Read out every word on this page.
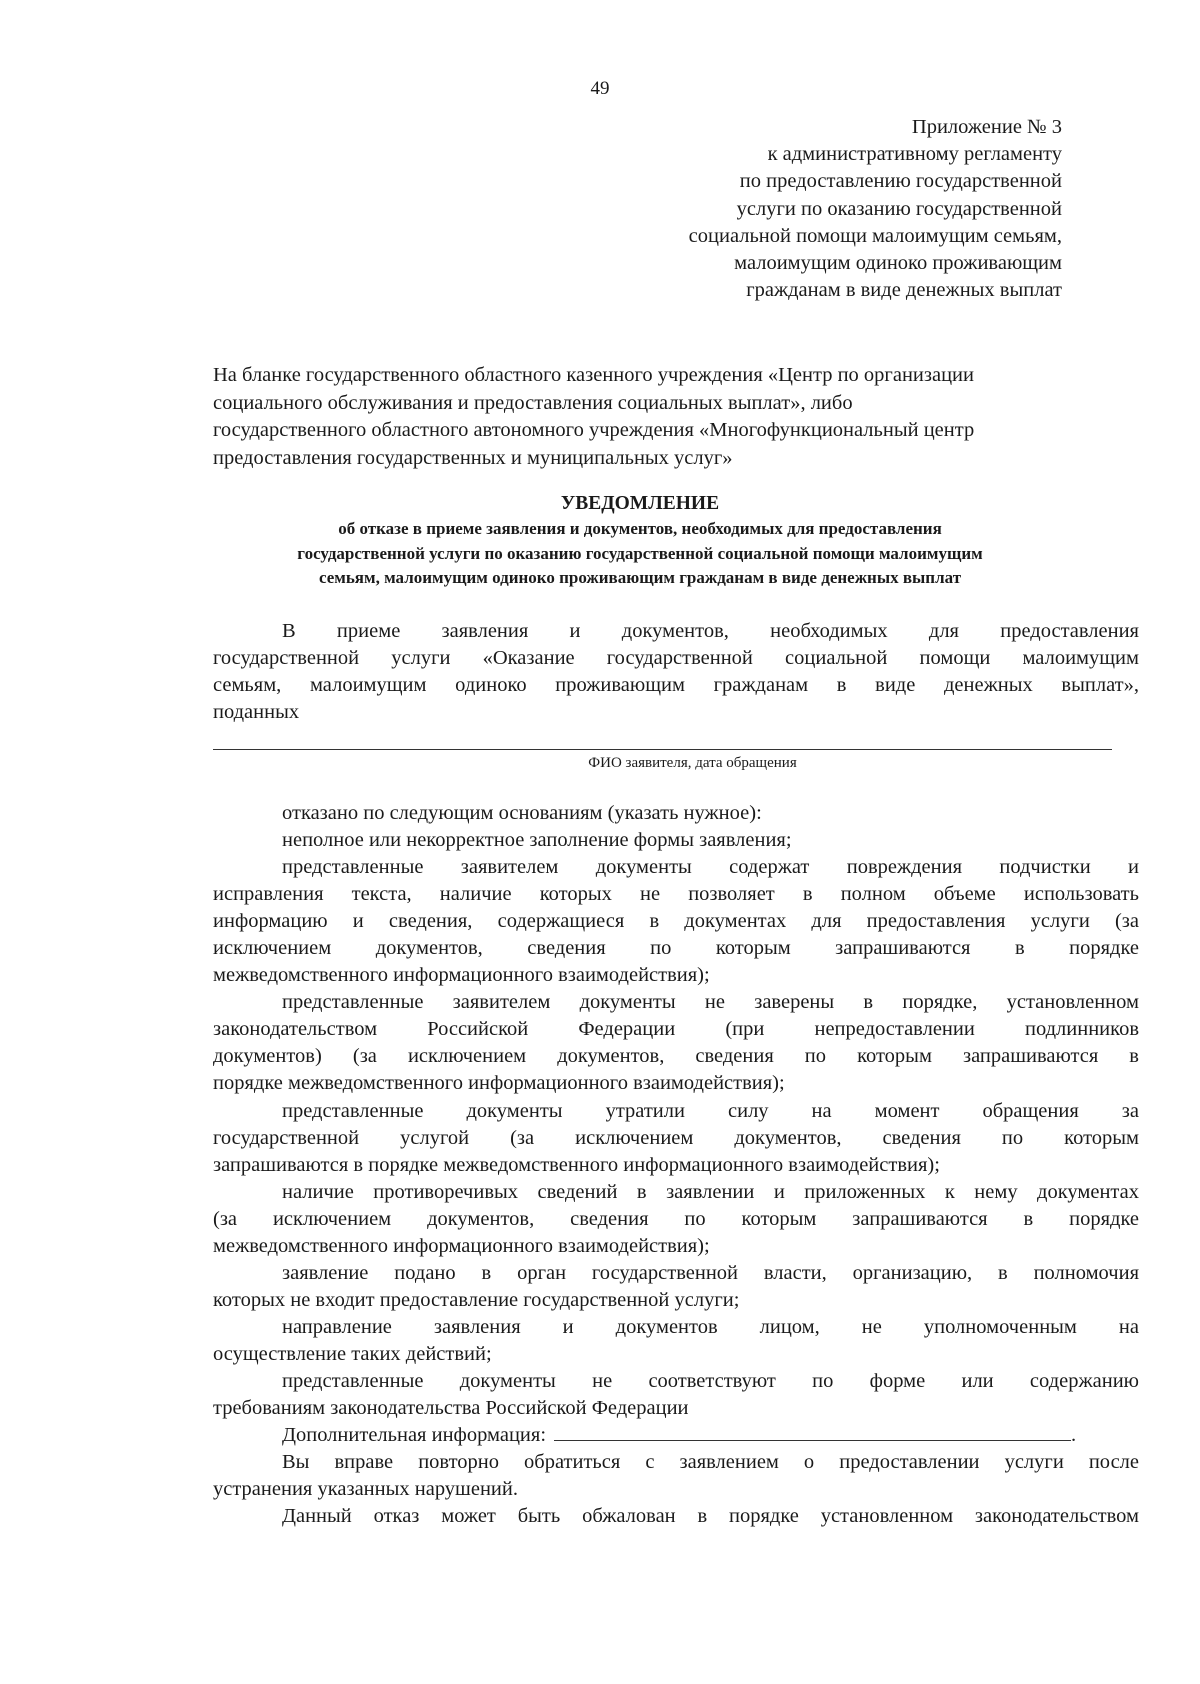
49
Приложение № 3
к административному регламенту
по предоставлению государственной
услуги по оказанию государственной
социальной помощи малоимущим семьям,
малоимущим одиноко проживающим
гражданам в виде денежных выплат
На бланке государственного областного казенного учреждения «Центр по организации
социального обслуживания и предоставления социальных выплат», либо
государственного областного автономного учреждения «Многофункциональный центр
предоставления государственных и муниципальных услуг»
УВЕДОМЛЕНИЕ
об отказе в приеме заявления и документов, необходимых для предоставления
государственной услуги по оказанию государственной социальной помощи малоимущим
семьям, малоимущим одиноко проживающим гражданам в виде денежных выплат
В приеме заявления и документов, необходимых для предоставления
государственной услуги «Оказание государственной социальной помощи малоимущим
семьям, малоимущим одиноко проживающим гражданам в виде денежных выплат»,
поданных
ФИО заявителя, дата обращения
отказано по следующим основаниям (указать нужное):
неполное или некорректное заполнение формы заявления;
представленные заявителем документы содержат повреждения подчистки и
исправления текста, наличие которых не позволяет в полном объеме использовать
информацию и сведения, содержащиеся в документах для предоставления услуги (за
исключением документов, сведения по которым запрашиваются в порядке
межведомственного информационного взаимодействия);
представленные заявителем документы не заверены в порядке, установленном
законодательством Российской Федерации (при непредоставлении подлинников
документов) (за исключением документов, сведения по которым запрашиваются в
порядке межведомственного информационного взаимодействия);
представленные документы утратили силу на момент обращения за
государственной услугой (за исключением документов, сведения по которым
запрашиваются в порядке межведомственного информационного взаимодействия);
наличие противоречивых сведений в заявлении и приложенных к нему документах
(за исключением документов, сведения по которым запрашиваются в порядке
межведомственного информационного взаимодействия);
заявление подано в орган государственной власти, организацию, в полномочия
которых не входит предоставление государственной услуги;
направление заявления и документов лицом, не уполномоченным на
осуществление таких действий;
представленные документы не соответствуют по форме или содержанию
требованиям законодательства Российской Федерации
Дополнительная информация:	.
Вы вправе повторно обратиться с заявлением о предоставлении услуги после
устранения указанных нарушений.
Данный отказ может быть обжалован в порядке установленном законодательством
